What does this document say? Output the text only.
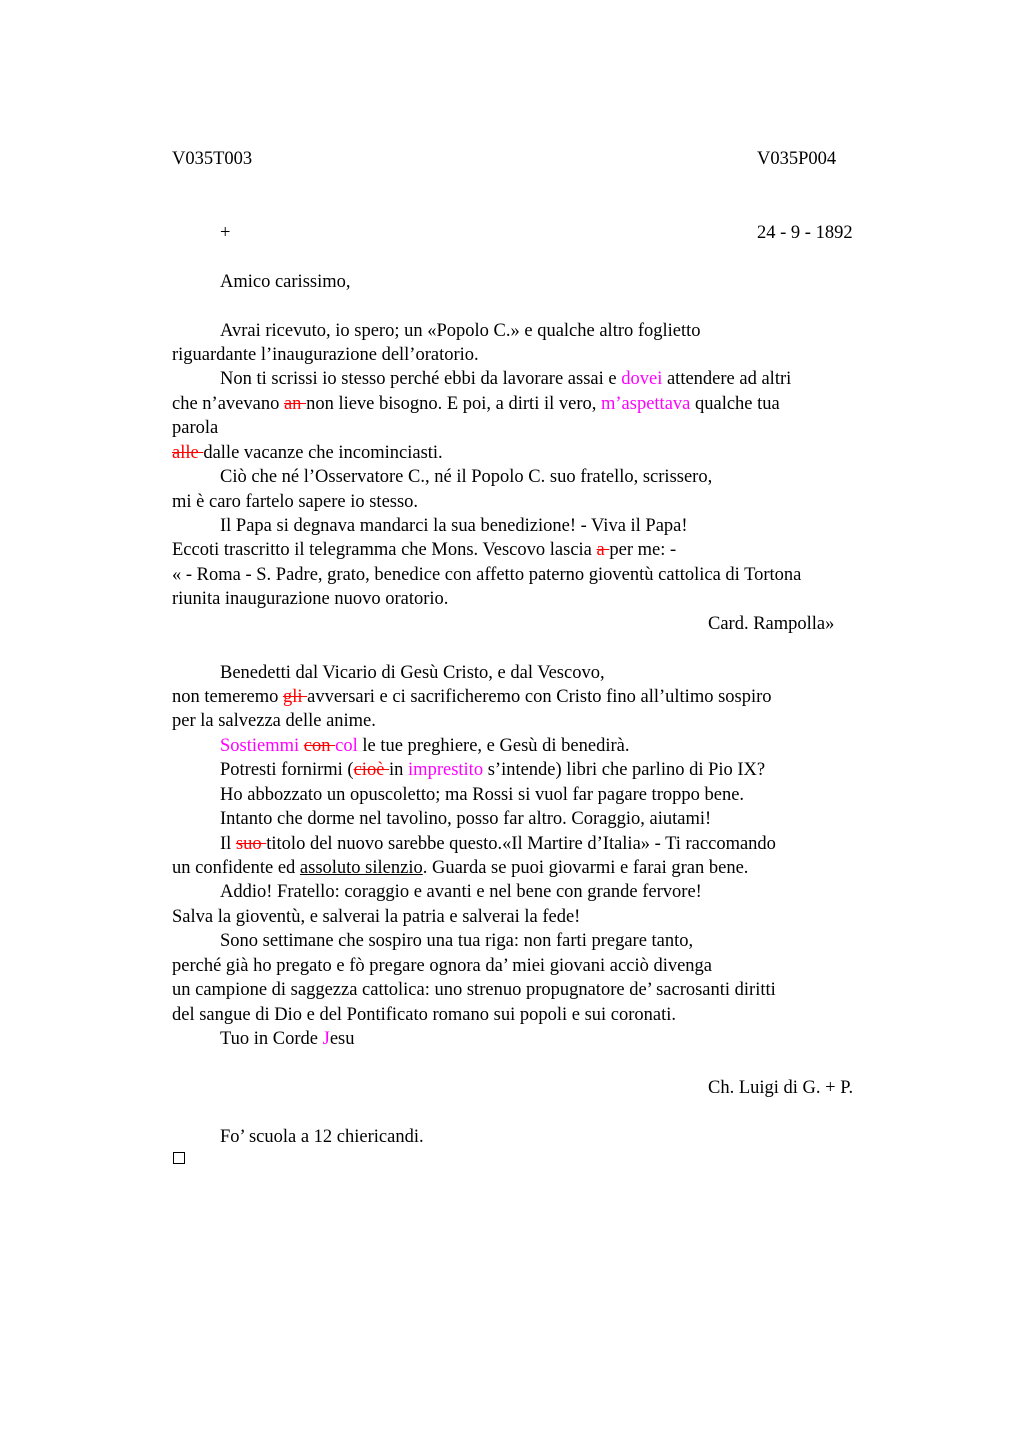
V035T003	V035P004
+	24 - 9 - 1892
Amico carissimo,
Avrai ricevuto, io spero; un «Popolo C.» e qualche altro foglietto
riguardante l’inaugurazione dell’oratorio.
Non ti scrissi io stesso perché ebbi da lavorare assai e dovei attendere ad altri
che n’avevano an non lieve bisogno. E poi, a dirti il vero, m’aspettava qualche tua
parola
alle dalle vacanze che incominciasti.
Ciò che né l’Osservatore C., né il Popolo C. suo fratello, scrissero,
mi è caro fartelo sapere io stesso.
Il Papa si degnava mandarci la sua benedizione! - Viva il Papa!
Eccoti trascritto il telegramma che Mons. Vescovo lascia a per me: -
« - Roma - S. Padre, grato, benedice con affetto paterno gioventù cattolica di Tortona
riunita inaugurazione nuovo oratorio.
Card. Rampolla»
Benedetti dal Vicario di Gesù Cristo, e dal Vescovo,
non temeremo gli avversari e ci sacrificheremo con Cristo fino all’ultimo sospiro
per la salvezza delle anime.
Sostiemmi con col le tue preghiere, e Gesù di benedirà.
Potresti fornirmi (cioè in imprestito s’intende) libri che parlino di Pio IX?
Ho abbozzato un opuscoletto; ma Rossi si vuol far pagare troppo bene.
Intanto che dorme nel tavolino, posso far altro. Coraggio, aiutami!
Il suo titolo del nuovo sarebbe questo.«Il Martire d’Italia» - Ti raccomando
un confidente ed assoluto silenzio. Guarda se puoi giovarmi e farai gran bene.
Addio! Fratello: coraggio e avanti e nel bene con grande fervore!
Salva la gioventù, e salverai la patria e salverai la fede!
Sono settimane che sospiro una tua riga: non farti pregare tanto,
perché già ho pregato e fò pregare ognora da’ miei giovani acciò divenga
un campione di saggezza cattolica: uno strenuo propugnatore de’ sacrosanti diritti
del sangue di Dio e del Pontificato romano sui popoli e sui coronati.
Tuo in Corde Jesu
Ch. Luigi di G. + P.
Fo’ scuola a 12 chiericandi.
